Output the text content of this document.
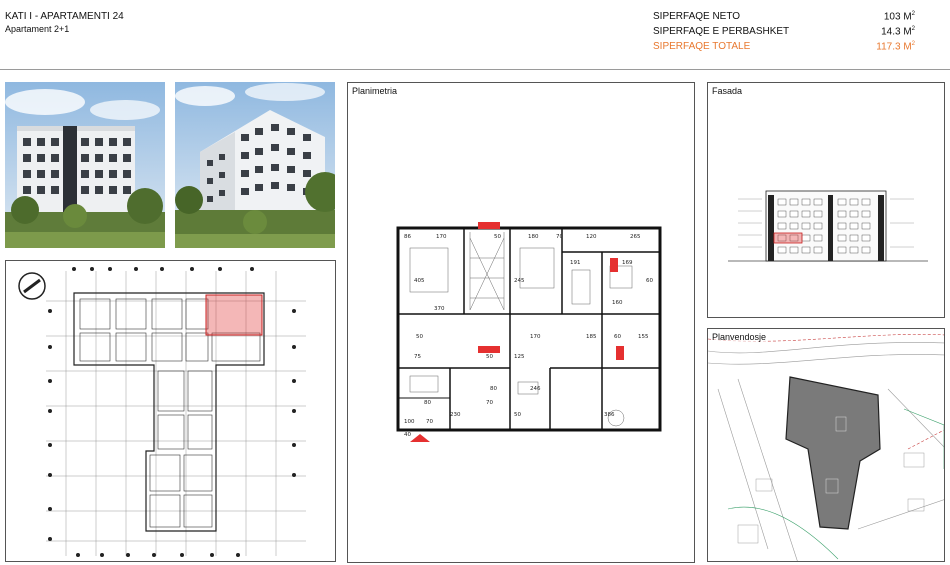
KATI I - APARTAMENTI 24
Apartament 2+1
SIPERFAQE NETO	103 $M^2$
SIPERFAQE E PERBASHKET	14.3 $M^2$
SIPERFAQE TOTALE	117.3 $M^2$
Planimetria
86	170	50	180	70	120	265
370
191	169
185
170
160
155
50	60
100 70
230
80	246
386
40
50
405
125
75	50
245
80	70
60
Fasada
Planvendosje
